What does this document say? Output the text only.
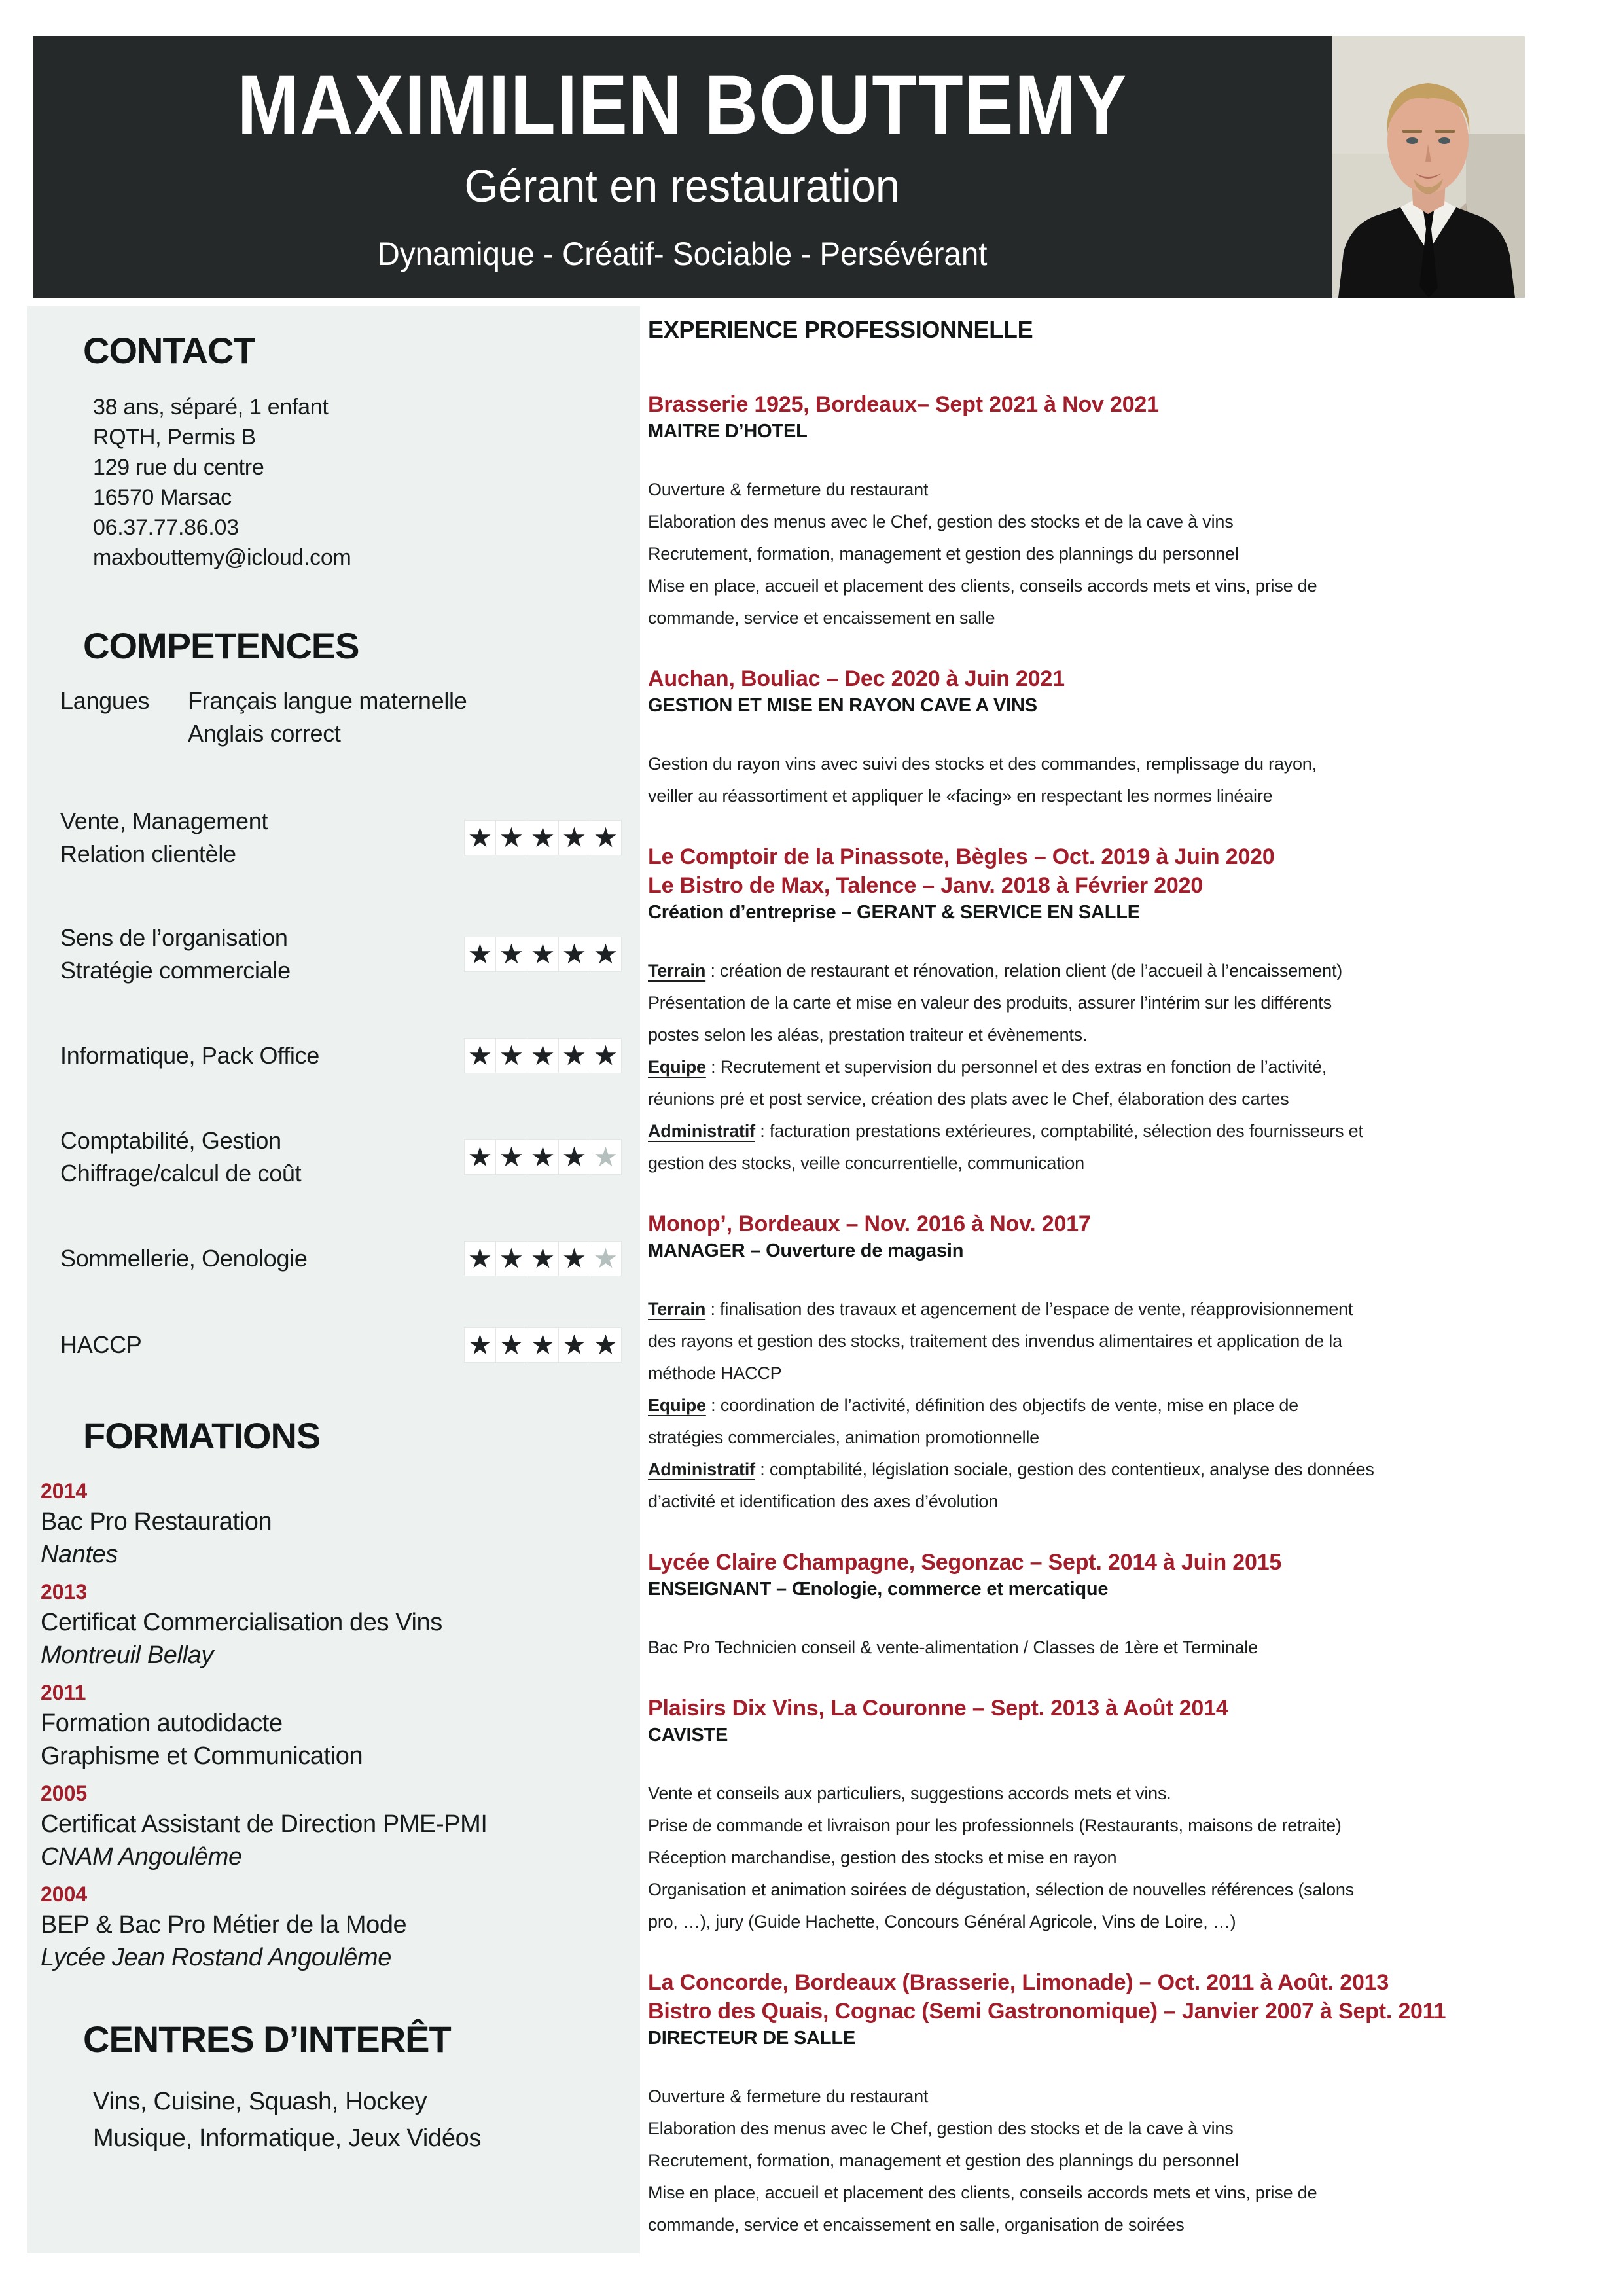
MAXIMILIEN BOUTTEMY
Gérant en restauration
Dynamique - Créatif- Sociable - Persévérant
CONTACT
38 ans, séparé, 1 enfant
RQTH, Permis B
129 rue du centre
16570 Marsac
06.37.77.86.03
maxbouttemy@icloud.com
COMPETENCES
Langues	Français langue maternelle
Anglais correct
Vente, Management
Relation clientèle
★ ★ ★ ★ ★
Sens de l’organisation
Stratégie commerciale
★ ★ ★ ★ ★
Informatique, Pack Office	★ ★ ★ ★ ★
Comptabilité, Gestion
Chiffrage/calcul de coût
★ ★ ★ ★ ★
Sommellerie, Oenologie	★ ★ ★ ★ ★
HACCP	★ ★ ★ ★ ★
FORMATIONS
2014
Bac Pro Restauration
Nantes
2013
Certificat Commercialisation des Vins
Montreuil Bellay
2011
Formation autodidacte
Graphisme et Communication
2005
Certificat Assistant de Direction PME-PMI
CNAM Angoulême
2004
BEP & Bac Pro Métier de la Mode
Lycée Jean Rostand Angoulême
CENTRES D’INTERÊT
Vins, Cuisine, Squash, Hockey
Musique, Informatique, Jeux Vidéos
EXPERIENCE PROFESSIONNELLE
Brasserie 1925, Bordeaux– Sept 2021 à Nov 2021
MAITRE D’HOTEL
Ouverture & fermeture du restaurant
Elaboration des menus avec le Chef, gestion des stocks et de la cave à vins
Recrutement, formation, management et gestion des plannings du personnel
Mise en place, accueil et placement des clients, conseils accords mets et vins, prise de
commande, service et encaissement en salle
Auchan, Bouliac – Dec 2020 à Juin 2021
GESTION ET MISE EN RAYON CAVE A VINS
Gestion du rayon vins avec suivi des stocks et des commandes, remplissage du rayon,
veiller au réassortiment et appliquer le «facing» en respectant les normes linéaire
Le Comptoir de la Pinassote, Bègles – Oct. 2019 à Juin 2020
Le Bistro de Max, Talence – Janv. 2018 à Février 2020
Création d’entreprise – GERANT & SERVICE EN SALLE
Terrain : création de restaurant et rénovation, relation client (de l’accueil à l’encaissement)
Présentation de la carte et mise en valeur des produits, assurer l’intérim sur les différents
postes selon les aléas, prestation traiteur et évènements.
Equipe : Recrutement et supervision du personnel et des extras en fonction de l’activité,
réunions pré et post service, création des plats avec le Chef, élaboration des cartes
Administratif : facturation prestations extérieures, comptabilité, sélection des fournisseurs et
gestion des stocks, veille concurrentielle, communication
Monop’, Bordeaux – Nov. 2016 à Nov. 2017
MANAGER – Ouverture de magasin
Terrain : finalisation des travaux et agencement de l’espace de vente, réapprovisionnement
des rayons et gestion des stocks, traitement des invendus alimentaires et application de la
méthode HACCP
Equipe : coordination de l’activité, définition des objectifs de vente, mise en place de
stratégies commerciales, animation promotionnelle
Administratif : comptabilité, législation sociale, gestion des contentieux, analyse des données
d’activité et identification des axes d’évolution
Lycée Claire Champagne, Segonzac – Sept. 2014 à Juin 2015
ENSEIGNANT – Œnologie, commerce et mercatique
Bac Pro Technicien conseil & vente-alimentation / Classes de 1ère et Terminale
Plaisirs Dix Vins, La Couronne – Sept. 2013 à Août 2014
CAVISTE
Vente et conseils aux particuliers, suggestions accords mets et vins.
Prise de commande et livraison pour les professionnels (Restaurants, maisons de retraite)
Réception marchandise, gestion des stocks et mise en rayon
Organisation et animation soirées de dégustation, sélection de nouvelles références (salons
pro, …), jury (Guide Hachette, Concours Général Agricole, Vins de Loire, …)
La Concorde, Bordeaux (Brasserie, Limonade) – Oct. 2011 à Août. 2013
Bistro des Quais, Cognac (Semi Gastronomique) – Janvier 2007 à Sept. 2011
DIRECTEUR DE SALLE
Ouverture & fermeture du restaurant
Elaboration des menus avec le Chef, gestion des stocks et de la cave à vins
Recrutement, formation, management et gestion des plannings du personnel
Mise en place, accueil et placement des clients, conseils accords mets et vins, prise de
commande, service et encaissement en salle, organisation de soirées
